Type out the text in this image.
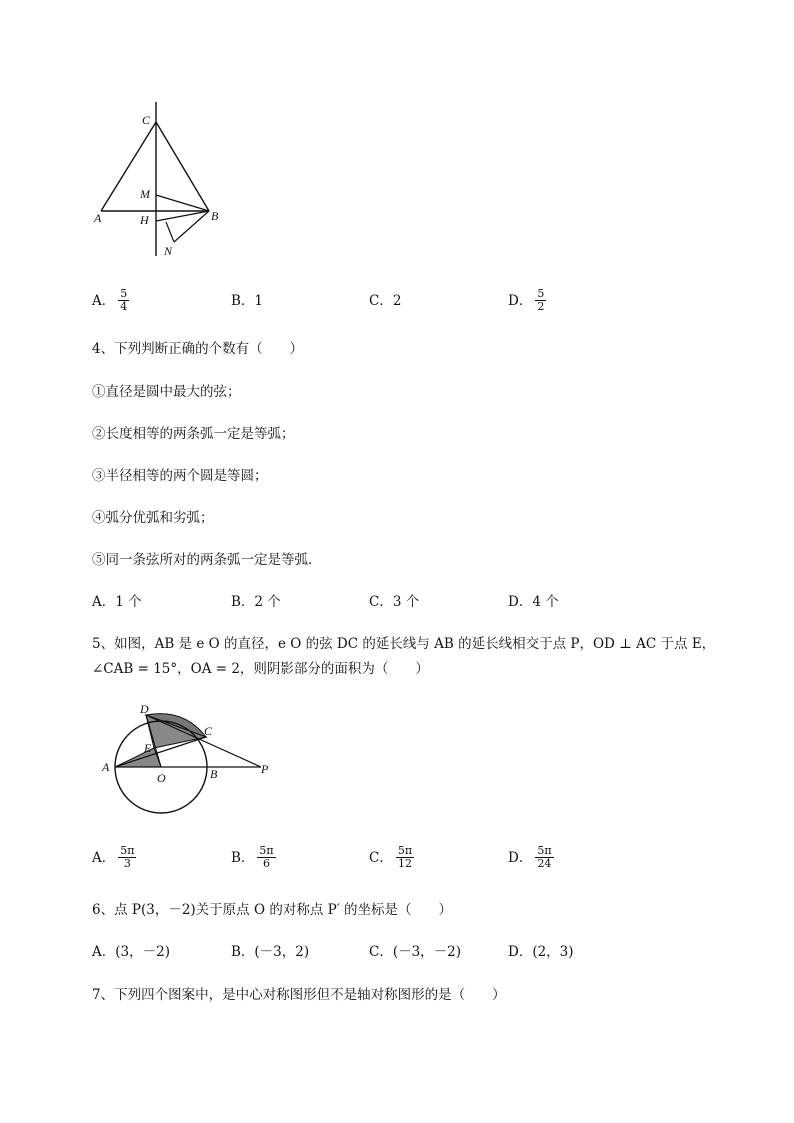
C
M
A	H	B
N
A． $\frac{5}{4}$	B．1	C．2	D． $\frac{5}{2}$
4、下列判断正确的个数有（　　）
①直径是圆中最大的弦；
②长度相等的两条弧一定是等弧；
③半径相等的两个圆是等圆；
④弧分优弧和劣弧；
⑤同一条弦所对的两条弧一定是等弧．
A．1 个	B．2 个	C．3 个	D．4 个
5、如图，AB 是 e O 的直径，e O 的弦 DC 的延长线与 AB 的延长线相交于点 P，OD ⊥ AC 于点 E，
∠CAB = 15°，OA = 2，则阴影部分的面积为（　　）
D
C
E
A
O	B	P
A． $\frac{5\pi}{3}$	B． $\frac{5\pi}{6}$	C． $\frac{5\pi}{12}$	D． $\frac{5\pi}{24}$
6、点 P(3，－2)关于原点 O 的对称点 P′ 的坐标是（　　）
A．(3，－2)	B．(－3，2)	C．(－3，－2)	D．(2，3)
7、下列四个图案中，是中心对称图形但不是轴对称图形的是（　　）
